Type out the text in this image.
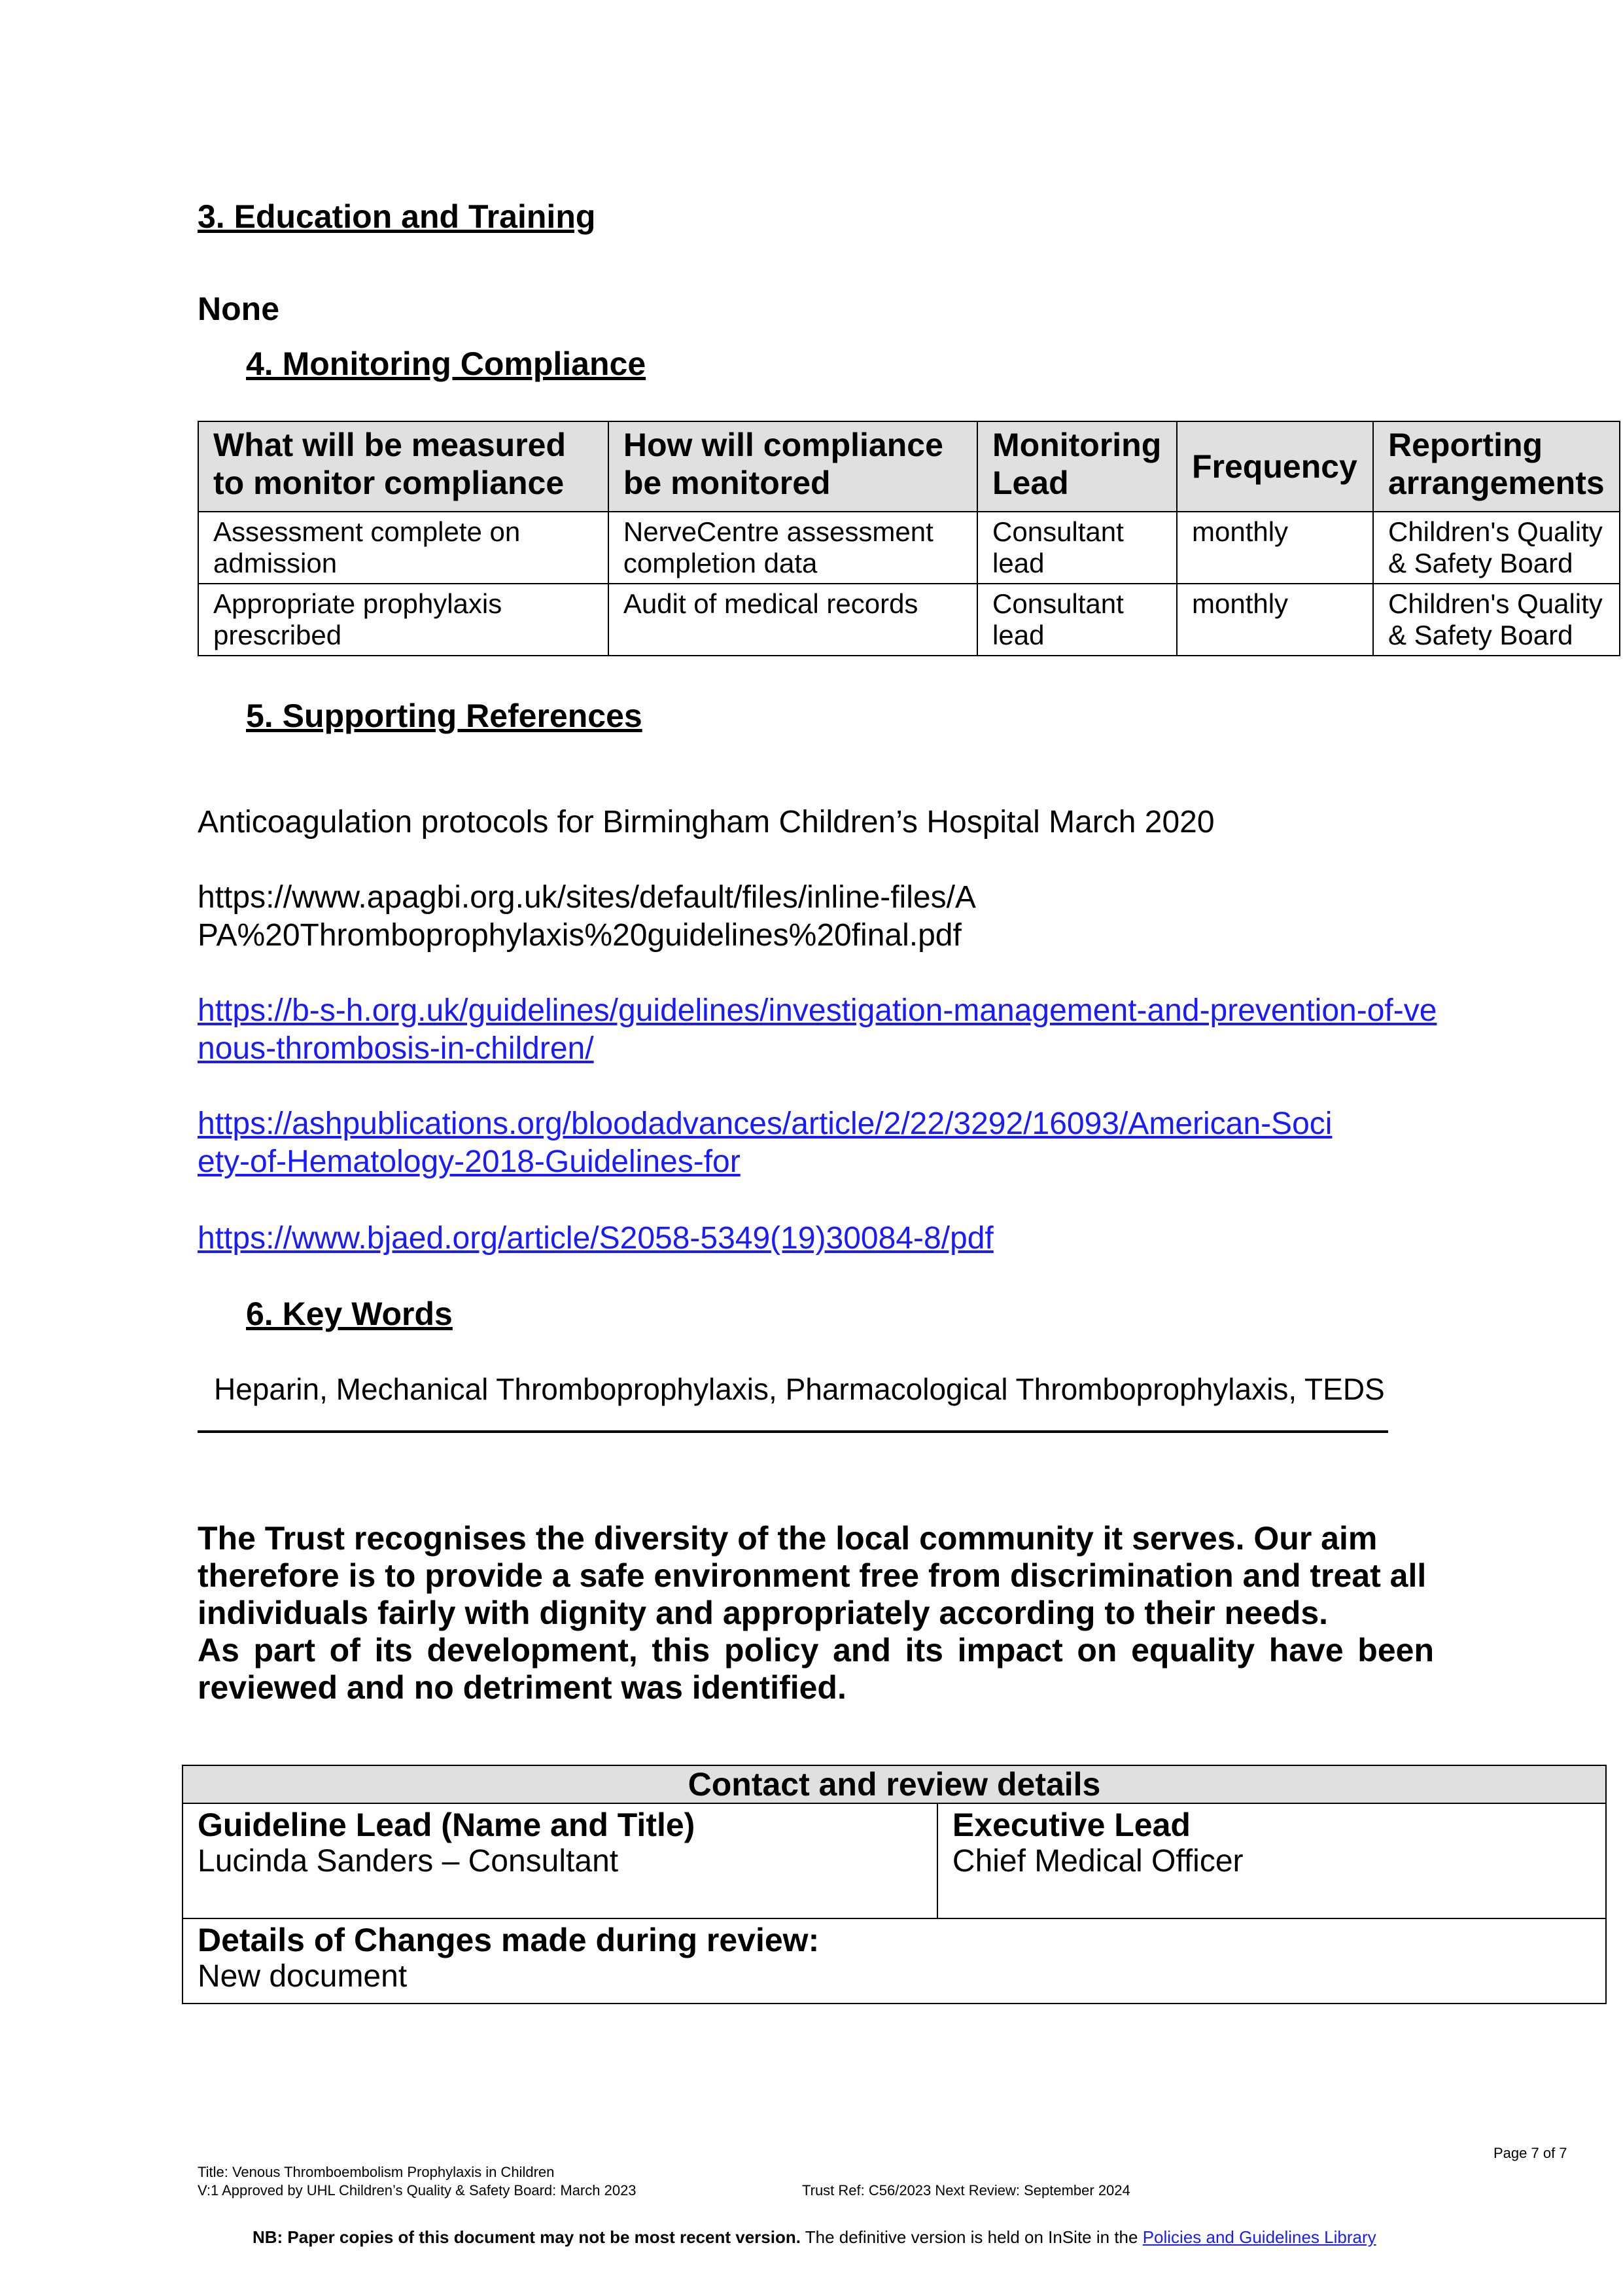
3. Education and Training
None
4. Monitoring Compliance
What will be measured to monitor compliance	How will compliance be monitored	Monitoring Lead	Frequency	Reporting arrangements
Assessment complete on admission	NerveCentre assessment completion data	Consultant lead	monthly	Children's Quality & Safety Board
Appropriate prophylaxis prescribed	Audit of medical records	Consultant lead	monthly	Children's Quality & Safety Board
5. Supporting References
Anticoagulation protocols for Birmingham Children’s Hospital March 2020
https://www.apagbi.org.uk/sites/default/files/inline-files/APA%20Thromboprophylaxis%20guidelines%20final.pdf
https://b-s-h.org.uk/guidelines/guidelines/investigation-management-and-prevention-of-venous-thrombosis-in-children/
https://ashpublications.org/bloodadvances/article/2/22/3292/16093/American-Society-of-Hematology-2018-Guidelines-for
https://www.bjaed.org/article/S2058-5349(19)30084-8/pdf
6. Key Words
Heparin, Mechanical Thromboprophylaxis, Pharmacological Thromboprophylaxis, TEDS
The Trust recognises the diversity of the local community it serves. Our aim therefore is to provide a safe environment free from discrimination and treat all individuals fairly with dignity and appropriately according to their needs.
As part of its development, this policy and its impact on equality have been reviewed and no detriment was identified.
Contact and review details

Guideline Lead (Name and Title)
Lucinda Sanders – Consultant

Executive Lead
Chief Medical Officer

Details of Changes made during review:
New document
Page 7 of 7
Title: Venous Thromboembolism Prophylaxis in Children
V:1 Approved by UHL Children’s Quality & Safety Board: March 2023	Trust Ref: C56/2023 Next Review: September 2024
NB: Paper copies of this document may not be most recent version. The definitive version is held on InSite in the Policies and Guidelines Library
